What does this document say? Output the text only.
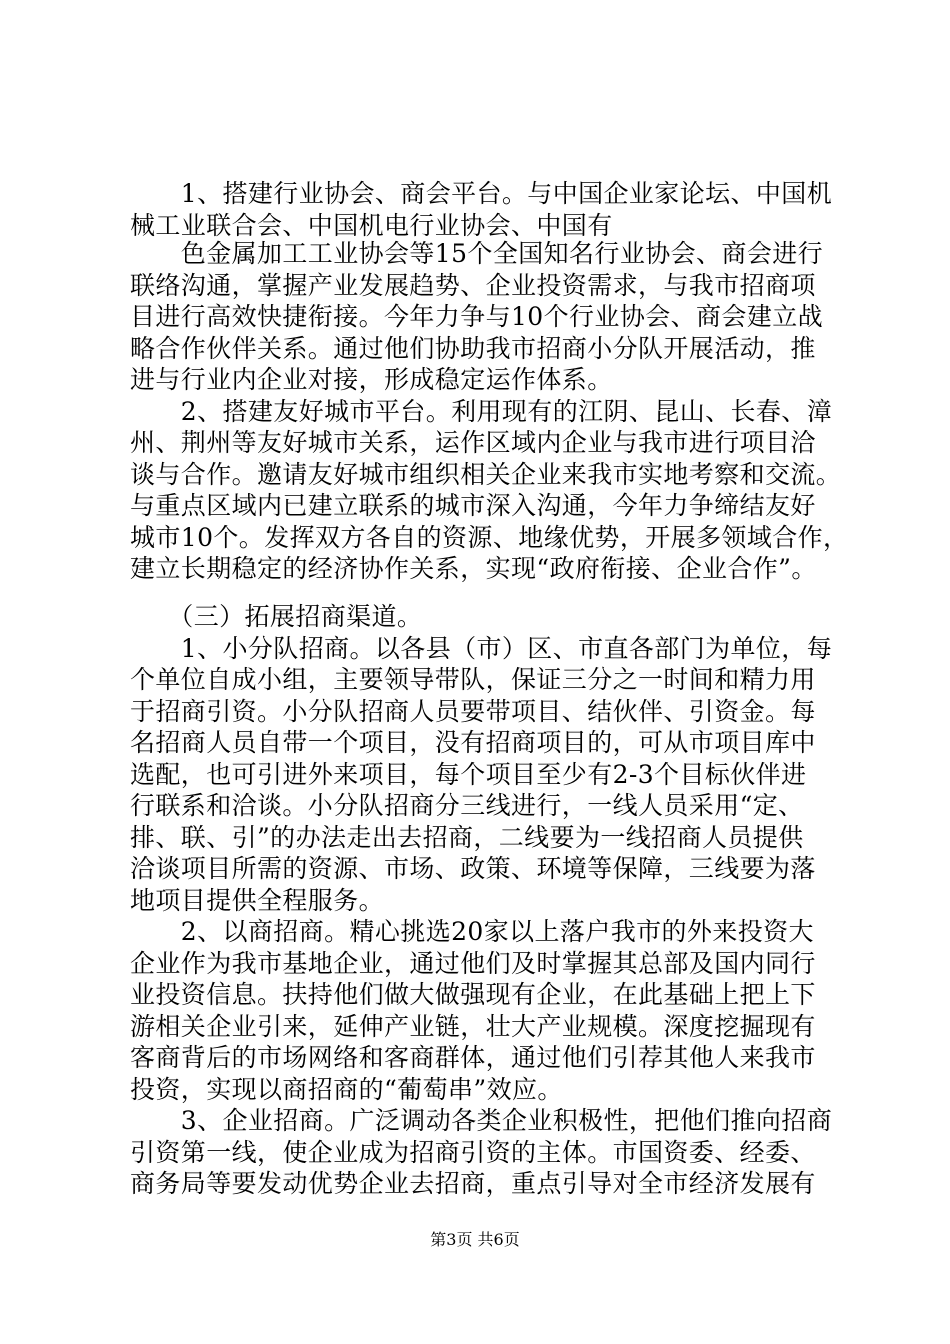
　　1、搭建行业协会、商会平台。与中国企业家论坛、中国机
械工业联合会、中国机电行业协会、中国有
　　色金属加工工业协会等15个全国知名行业协会、商会进行
联络沟通，掌握产业发展趋势、企业投资需求，与我市招商项
目进行高效快捷衔接。今年力争与10个行业协会、商会建立战
略合作伙伴关系。通过他们协助我市招商小分队开展活动，推
进与行业内企业对接，形成稳定运作体系。
　　2、搭建友好城市平台。利用现有的江阴、昆山、长春、漳
州、荆州等友好城市关系，运作区域内企业与我市进行项目洽
谈与合作。邀请友好城市组织相关企业来我市实地考察和交流。
与重点区域内已建立联系的城市深入沟通，今年力争缔结友好
城市10个。发挥双方各自的资源、地缘优势，开展多领域合作，
建立长期稳定的经济协作关系，实现“政府衔接、企业合作”。
　　（三）拓展招商渠道。
　　1、小分队招商。以各县（市）区、市直各部门为单位，每
个单位自成小组，主要领导带队，保证三分之一时间和精力用
于招商引资。小分队招商人员要带项目、结伙伴、引资金。每
名招商人员自带一个项目，没有招商项目的，可从市项目库中
选配，也可引进外来项目，每个项目至少有2-3个目标伙伴进
行联系和洽谈。小分队招商分三线进行，一线人员采用“定、
排、联、引”的办法走出去招商，二线要为一线招商人员提供
洽谈项目所需的资源、市场、政策、环境等保障，三线要为落
地项目提供全程服务。
　　2、以商招商。精心挑选20家以上落户我市的外来投资大
企业作为我市基地企业，通过他们及时掌握其总部及国内同行
业投资信息。扶持他们做大做强现有企业，在此基础上把上下
游相关企业引来，延伸产业链，壮大产业规模。深度挖掘现有
客商背后的市场网络和客商群体，通过他们引荐其他人来我市
投资，实现以商招商的“葡萄串”效应。
　　3、企业招商。广泛调动各类企业积极性，把他们推向招商
引资第一线，使企业成为招商引资的主体。市国资委、经委、
商务局等要发动优势企业去招商，重点引导对全市经济发展有
第3页 共6页
